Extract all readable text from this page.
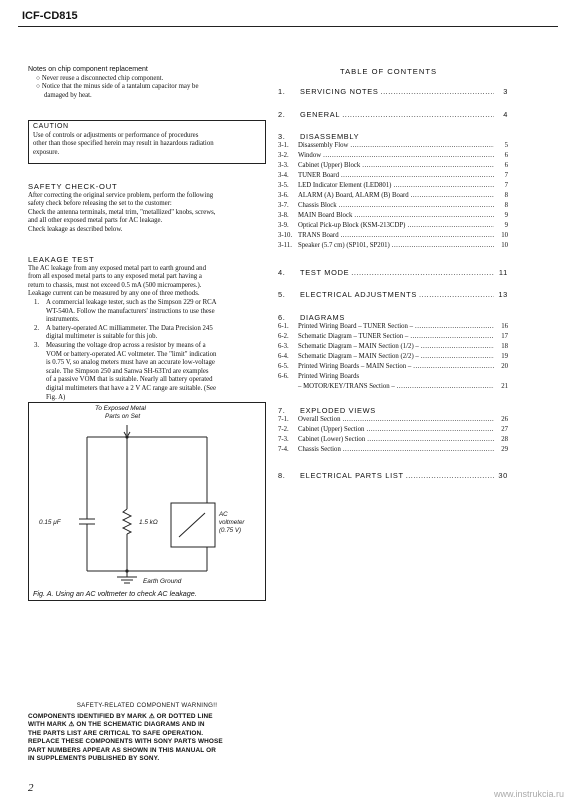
ICF-CD815
Notes on chip component replacement
○ Never reuse a disconnected chip component.
○ Notice that the minus side of a tantalum capacitor may be
damaged by heat.
CAUTION
Use of controls or adjustments or performance of procedures
other than those specified herein may result in hazardous radiation
exposure.
SAFETY CHECK-OUT
After correcting the original service problem, perform the following
safety check before releasing the set to the customer:
Check the antenna terminals, metal trim, "metallized" knobs, screws,
and all other exposed metal parts for AC leakage.
Check leakage as described below.
LEAKAGE TEST
The AC leakage from any exposed metal part to earth ground and
from all exposed metal parts to any exposed metal part having a
return to chassis, must not exceed 0.5 mA (500 microamperes.).
Leakage current can be measured by any one of three methods.
1.	A commercial leakage tester, such as the Simpson 229 or RCA
WT-540A. Follow the manufacturers' instructions to use these
instruments.
2.	A battery-operated AC milliammeter. The Data Precision 245
digital multimeter is suitable for this job.
3.	Measuring the voltage drop across a resistor by means of a
VOM or battery-operated AC voltmeter. The "limit" indication
is 0.75 V, so analog meters must have an accurate low-voltage
scale. The Simpson 250 and Sanwa SH-63Trd are examples
of a passive VOM that is suitable. Nearly all battery operated
digital multimeters that have a 2 V AC range are suitable. (See
Fig. A)
To Exposed Metal
Parts on Set
0.15 μF	1.5 kΩ
AC
voltmeter
(0.75 V)
Earth Ground
Fig. A. Using an AC voltmeter to check AC leakage.
SAFETY-RELATED COMPONENT WARNING!!
COMPONENTS IDENTIFIED BY MARK ⚠ OR DOTTED LINE
WITH MARK ⚠ ON THE SCHEMATIC DIAGRAMS AND IN
THE PARTS LIST ARE CRITICAL TO SAFE OPERATION.
REPLACE THESE COMPONENTS WITH SONY PARTS WHOSE
PART NUMBERS APPEAR AS SHOWN IN THIS MANUAL OR
IN SUPPLEMENTS PUBLISHED BY SONY.
TABLE OF CONTENTS
1.	SERVICING NOTES .....	3
2.	GENERAL .....	4
3.	DISASSEMBLY
3-1.	Disassembly Flow .....	5
3-2.	Window .....	6
3-3.	Cabinet (Upper) Block .....	6
3-4.	TUNER Board .....	7
3-5.	LED Indicator Element (LED801) .....	7
3-6.	ALARM (A) Board, ALARM (B) Board .....	8
3-7.	Chassis Block .....	8
3-8.	MAIN Board Block .....	9
3-9.	Optical Pick-up Block (KSM-213CDP) .....	9
3-10. TRANS Board .....	10
3-11. Speaker (5.7 cm) (SP101, SP201) .....	10
4.	TEST MODE .....	11
5.	ELECTRICAL ADJUSTMENTS .....	13
6.	DIAGRAMS
6-1.	Printed Wiring Board – TUNER Section – .....	16
6-2.	Schematic Diagram – TUNER Section – .....	17
6-3.	Schematic Diagram – MAIN Section (1/2) – .....	18
6-4.	Schematic Diagram – MAIN Section (2/2) – .....	19
6-5.	Printed Wiring Boards – MAIN Section – .....	20
6-6.	Printed Wiring Boards
– MOTOR/KEY/TRANS Section – .....	21
7.	EXPLODED VIEWS
7-1.	Overall Section .....	26
7-2.	Cabinet (Upper) Section .....	27
7-3.	Cabinet (Lower) Section .....	28
7-4.	Chassis Section .....	29
8.	ELECTRICAL PARTS LIST .....	30
2	www.instrukcia.ru
